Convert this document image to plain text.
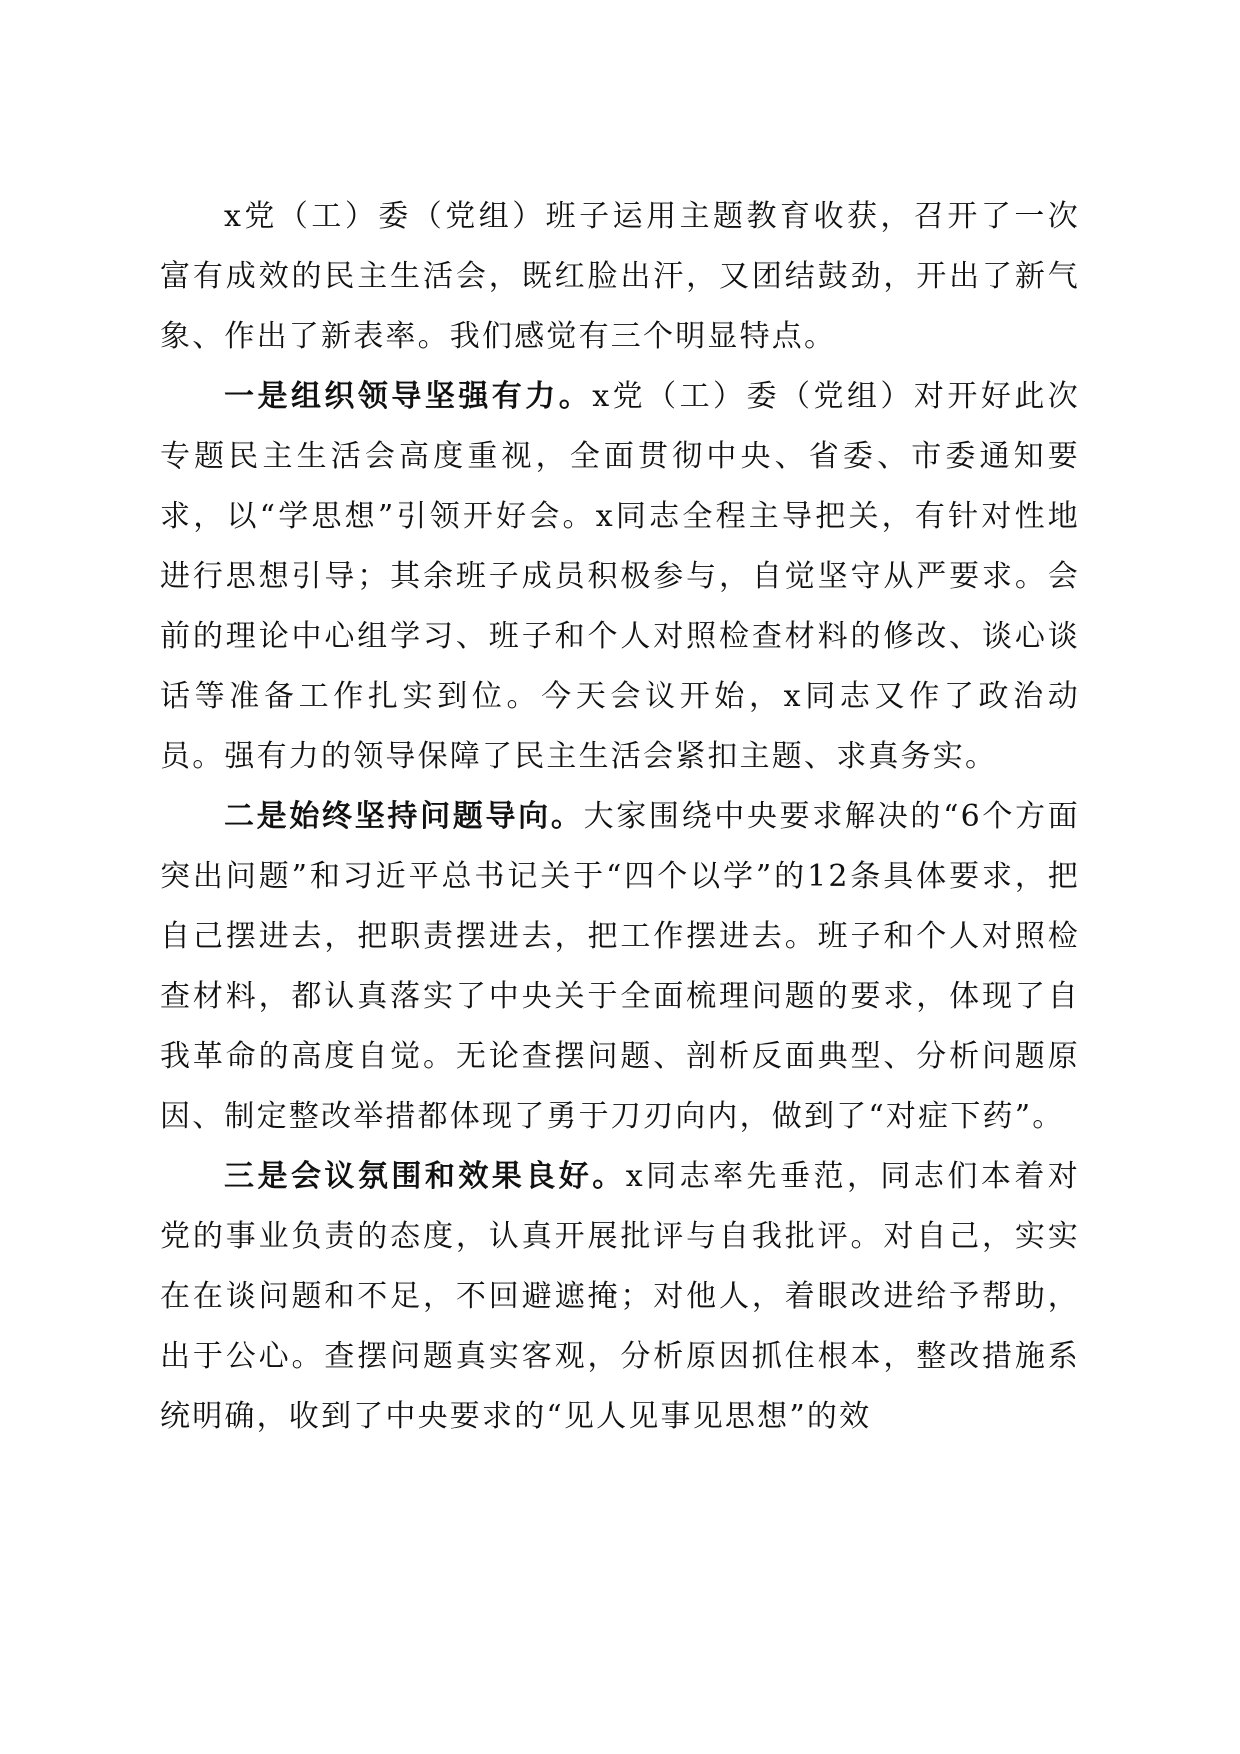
x党（工）委（党组）班子运用主题教育收获，召开了一次富有成效的民主生活会，既红脸出汗，又团结鼓劲，开出了新气象、作出了新表率。我们感觉有三个明显特点。

一是组织领导坚强有力。x党（工）委（党组）对开好此次专题民主生活会高度重视，全面贯彻中央、省委、市委通知要求，以“学思想”引领开好会。x同志全程主导把关，有针对性地进行思想引导；其余班子成员积极参与，自觉坚守从严要求。会前的理论中心组学习、班子和个人对照检查材料的修改、谈心谈话等准备工作扎实到位。今天会议开始，x同志又作了政治动员。强有力的领导保障了民主生活会紧扣主题、求真务实。

二是始终坚持问题导向。大家围绕中央要求解决的“6个方面突出问题”和习近平总书记关于“四个以学”的12条具体要求，把自己摆进去，把职责摆进去，把工作摆进去。班子和个人对照检查材料，都认真落实了中央关于全面梳理问题的要求，体现了自我革命的高度自觉。无论查摆问题、剖析反面典型、分析问题原因、制定整改举措都体现了勇于刀刃向内，做到了“对症下药”。

三是会议氛围和效果良好。x同志率先垂范，同志们本着对党的事业负责的态度，认真开展批评与自我批评。对自己，实实在在谈问题和不足，不回避遮掩；对他人，着眼改进给予帮助，出于公心。查摆问题真实客观，分析原因抓住根本，整改措施系统明确，收到了中央要求的“见人见事见思想”的效
